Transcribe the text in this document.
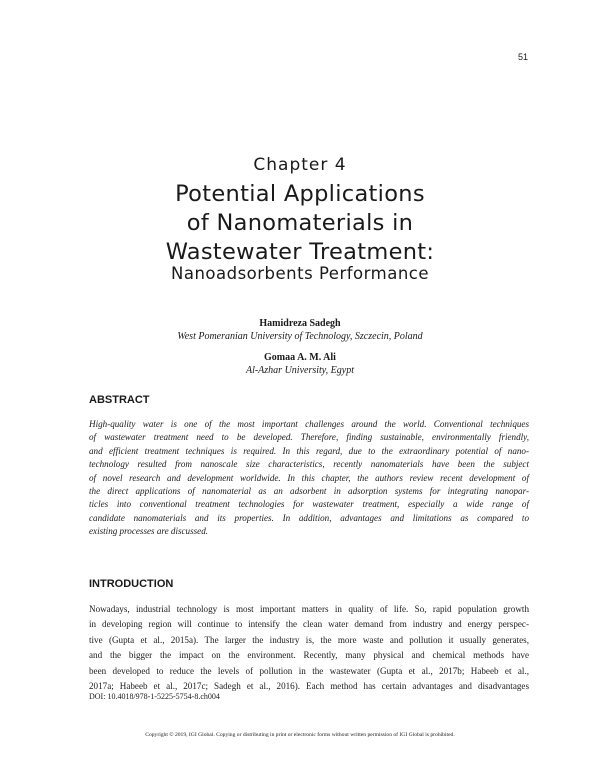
51
Chapter 4
Potential Applications
of Nanomaterials in
Wastewater Treatment:
Nanoadsorbents Performance
Hamidreza Sadegh
West Pomeranian University of Technology, Szczecin, Poland
Gomaa A. M. Ali
Al-Azhar University, Egypt
ABSTRACT
High-quality water is one of the most important challenges around the world. Conventional techniques
of wastewater treatment need to be developed. Therefore, finding sustainable, environmentally friendly,
and efficient treatment techniques is required. In this regard, due to the extraordinary potential of nano-
technology resulted from nanoscale size characteristics, recently nanomaterials have been the subject
of novel research and development worldwide. In this chapter, the authors review recent development of
the direct applications of nanomaterial as an adsorbent in adsorption systems for integrating nanopar-
ticles into conventional treatment technologies for wastewater treatment, especially a wide range of
candidate nanomaterials and its properties. In addition, advantages and limitations as compared to
existing processes are discussed.
INTRODUCTION
Nowadays, industrial technology is most important matters in quality of life. So, rapid population growth
in developing region will continue to intensify the clean water demand from industry and energy perspec-
tive (Gupta et al., 2015a). The larger the industry is, the more waste and pollution it usually generates,
and the bigger the impact on the environment. Recently, many physical and chemical methods have
been developed to reduce the levels of pollution in the wastewater (Gupta et al., 2017b; Habeeb et al.,
2017a; Habeeb et al., 2017c; Sadegh et al., 2016). Each method has certain advantages and disadvantages
DOI: 10.4018/978-1-5225-5754-8.ch004
Copyright © 2019, IGI Global. Copying or distributing in print or electronic forms without written permission of IGI Global is prohibited.
